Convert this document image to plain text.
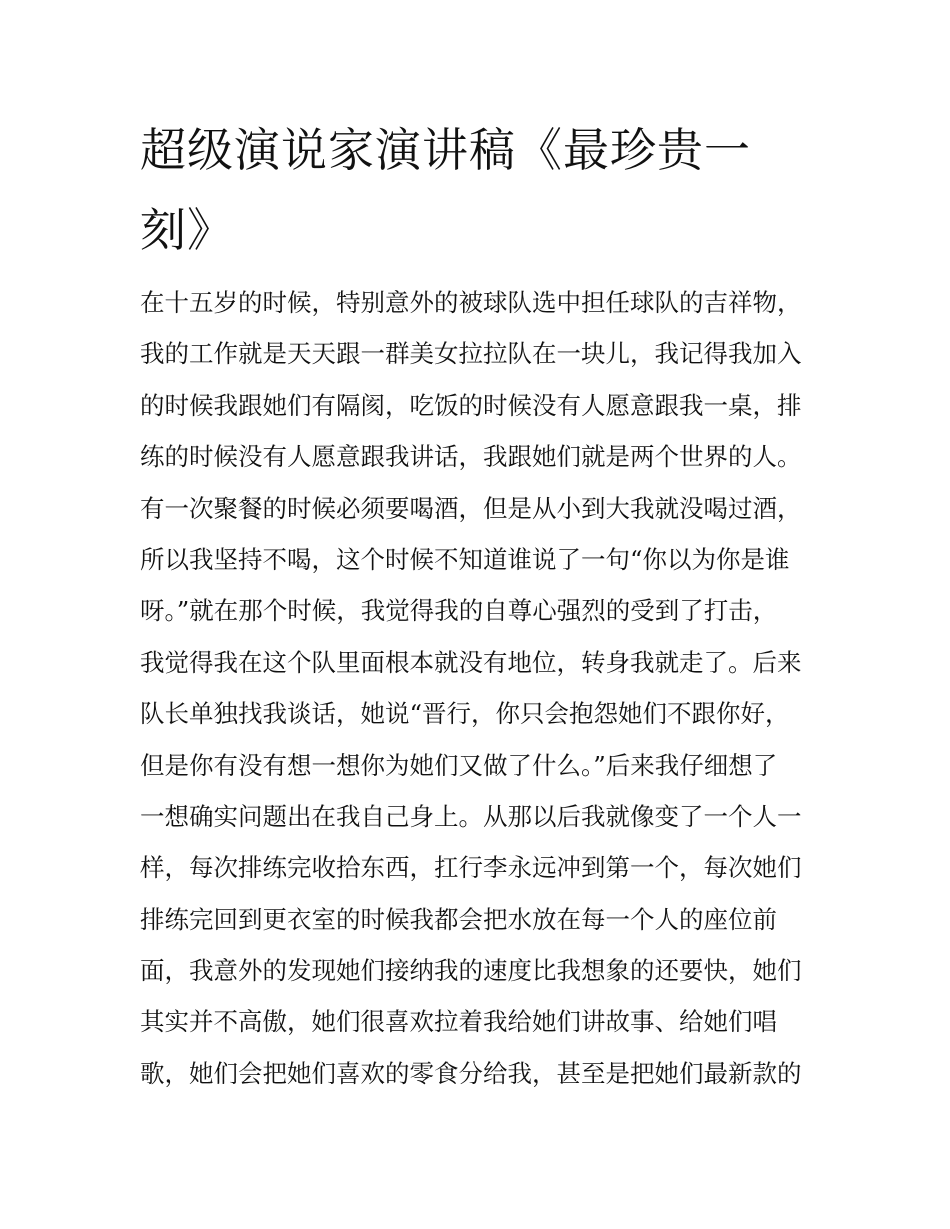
超级演说家演讲稿《最珍贵一
刻》
在十五岁的时候，特别意外的被球队选中担任球队的吉祥物，
我的工作就是天天跟一群美女拉拉队在一块儿，我记得我加入
的时候我跟她们有隔阂，吃饭的时候没有人愿意跟我一桌，排
练的时候没有人愿意跟我讲话，我跟她们就是两个世界的人。
有一次聚餐的时候必须要喝酒，但是从小到大我就没喝过酒，
所以我坚持不喝，这个时候不知道谁说了一句“你以为你是谁
呀。”就在那个时候，我觉得我的自尊心强烈的受到了打击，
我觉得我在这个队里面根本就没有地位，转身我就走了。后来
队长单独找我谈话，她说“晋行，你只会抱怨她们不跟你好，
但是你有没有想一想你为她们又做了什么。”后来我仔细想了
一想确实问题出在我自己身上。从那以后我就像变了一个人一
样，每次排练完收拾东西，扛行李永远冲到第一个，每次她们
排练完回到更衣室的时候我都会把水放在每一个人的座位前
面，我意外的发现她们接纳我的速度比我想象的还要快，她们
其实并不高傲，她们很喜欢拉着我给她们讲故事、给她们唱
歌，她们会把她们喜欢的零食分给我，甚至是把她们最新款的
